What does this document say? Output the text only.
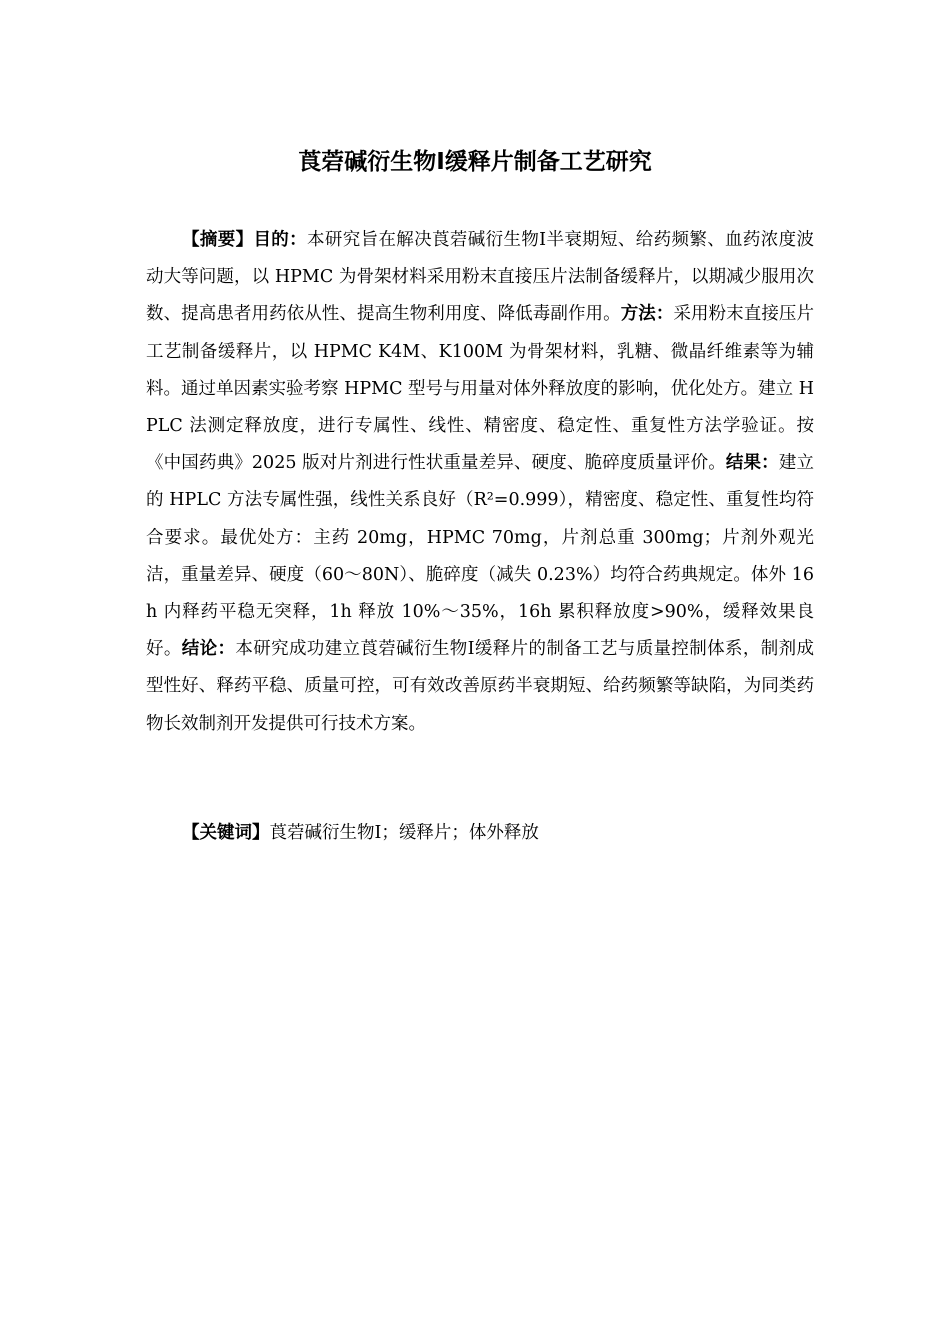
莨菪碱衍生物Ⅰ缓释片制备工艺研究

【摘要】目的：本研究旨在解决莨菪碱衍生物Ⅰ半衰期短、给药频繁、血药浓度波动大等问题，以 HPMC 为骨架材料采用粉末直接压片法制备缓释片，以期减少服用次数、提高患者用药依从性、提高生物利用度、降低毒副作用。方法：采用粉末直接压片工艺制备缓释片，以 HPMC K4M、K100M 为骨架材料，乳糖、微晶纤维素等为辅料。通过单因素实验考察 HPMC 型号与用量对体外释放度的影响，优化处方。建立 HPLC 法测定释放度，进行专属性、线性、精密度、稳定性、重复性方法学验证。按《中国药典》2025 版对片剂进行性状重量差异、硬度、脆碎度质量评价。结果：建立的 HPLC 方法专属性强，线性关系良好（R²=0.999），精密度、稳定性、重复性均符合要求。最优处方：主药 20mg，HPMC 70mg，片剂总重 300mg；片剂外观光洁，重量差异、硬度（60～80N）、脆碎度（减失 0.23%）均符合药典规定。体外 16h 内释药平稳无突释，1h 释放 10%～35%，16h 累积释放度>90%，缓释效果良好。结论：本研究成功建立莨菪碱衍生物Ⅰ缓释片的制备工艺与质量控制体系，制剂成型性好、释药平稳、质量可控，可有效改善原药半衰期短、给药频繁等缺陷，为同类药物长效制剂开发提供可行技术方案。

【关键词】莨菪碱衍生物Ⅰ；缓释片；体外释放
